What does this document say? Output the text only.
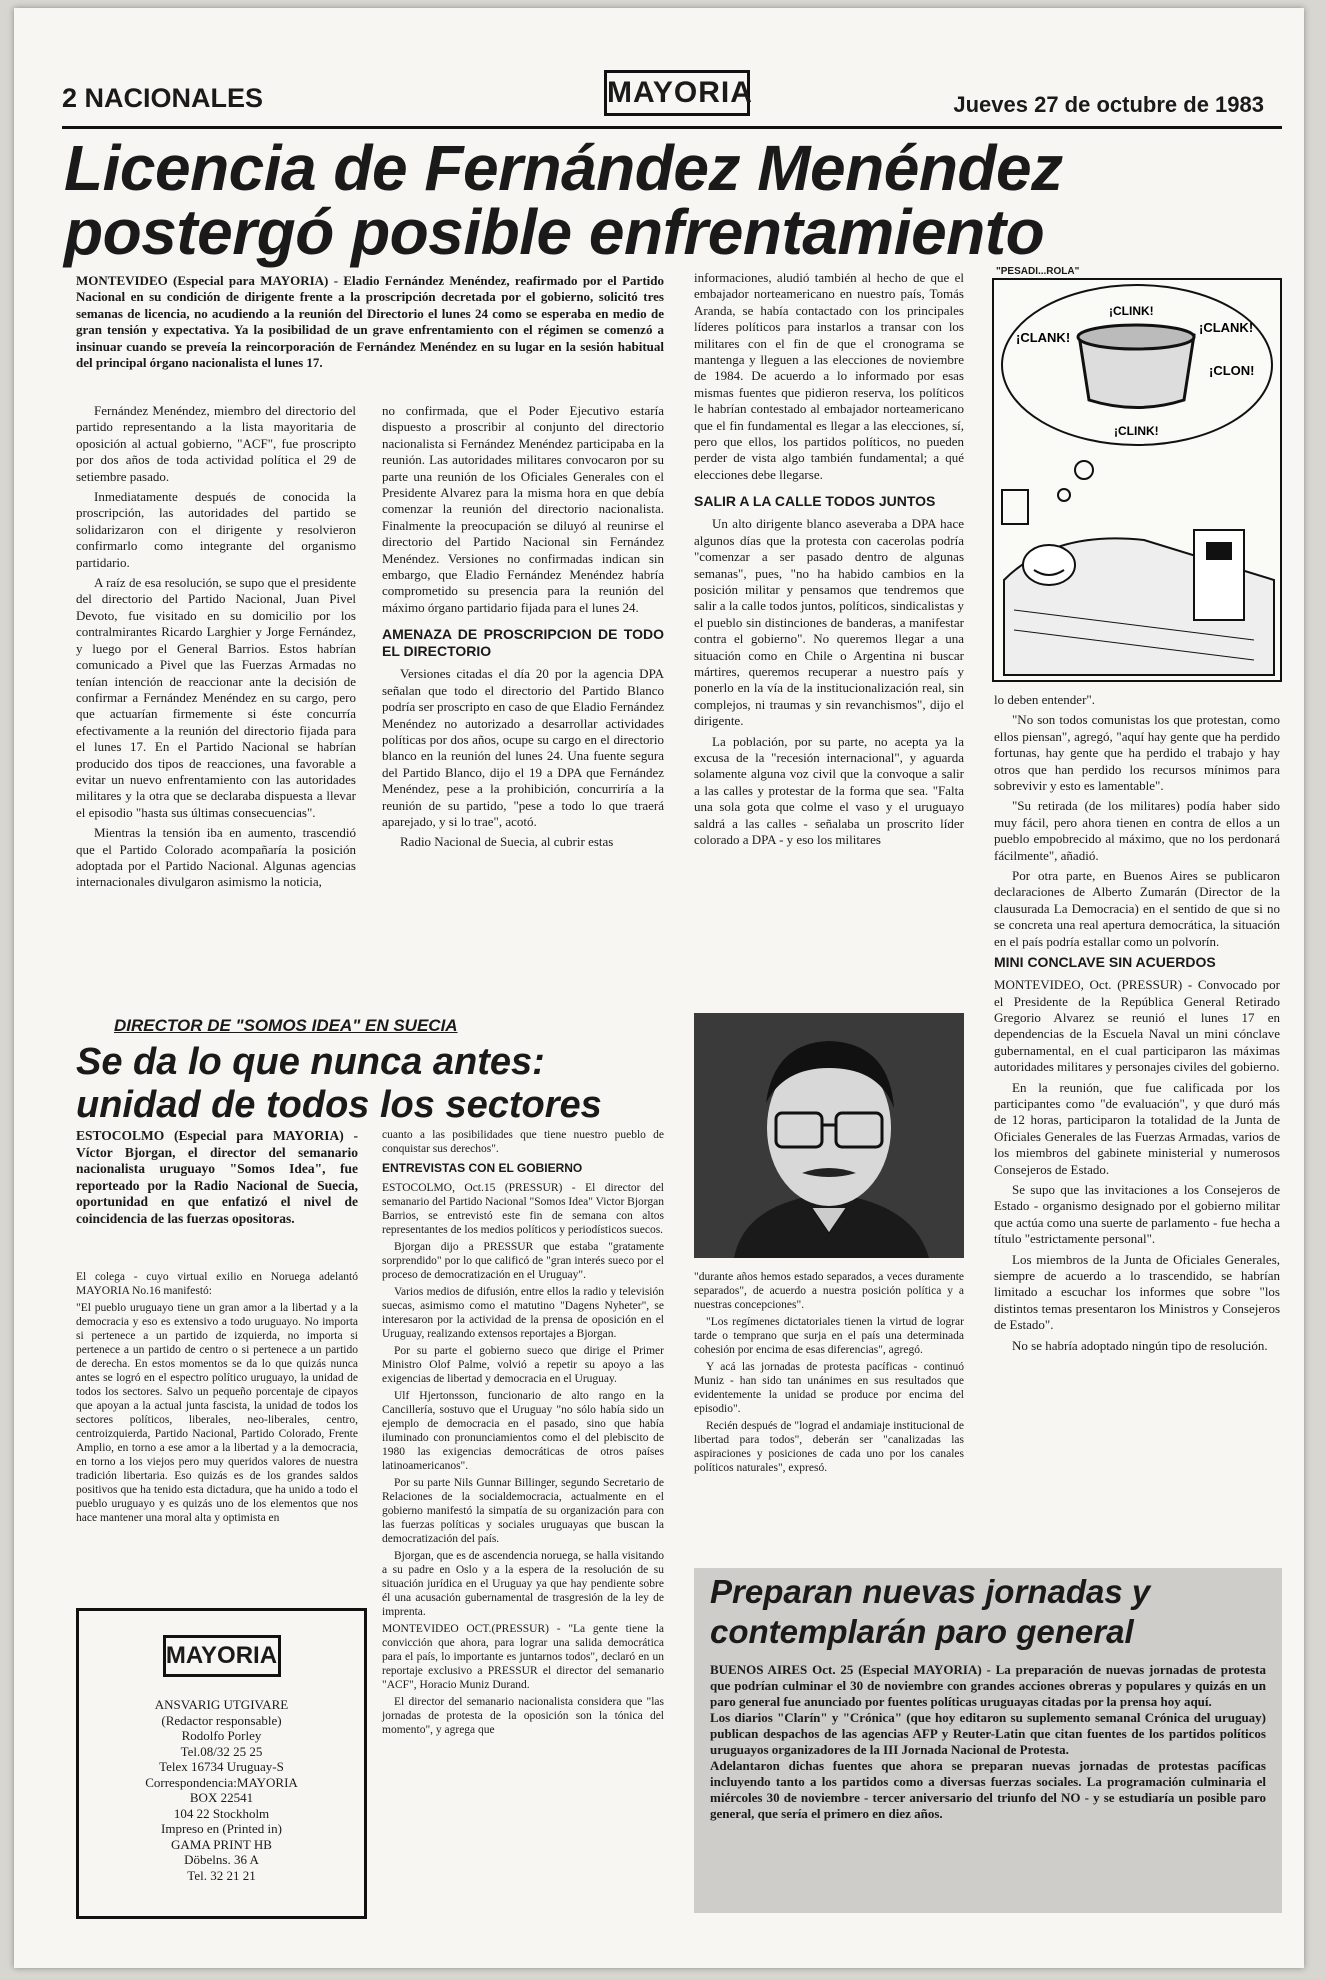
2 NACIONALES	MAYORIA	Jueves 27 de octubre de 1983
Licencia de Fernández Menéndez
postergó posible enfrentamiento

MONTEVIDEO (Especial para MAYORIA) - Eladio Fernández Menéndez, reafirmado por el Partido Nacional en su condición de dirigente frente a la proscripción decretada por el gobierno, solicitó tres semanas de licencia, no acudiendo a la reunión del Directorio el lunes 24 como se esperaba en medio de gran tensión y expectativa. Ya la posibilidad de un grave enfrentamiento con el régimen se comenzó a insinuar cuando se preveía la reincorporación de Fernández Menéndez en su lugar en la sesión habitual del principal órgano nacionalista el lunes 17.

Fernández Menéndez, miembro del directorio del partido representando a la lista mayoritaria de oposición al actual gobierno, "ACF", fue proscripto por dos años de toda actividad política el 29 de setiembre pasado.

Inmediatamente después de conocida la proscripción, las autoridades del partido se solidarizaron con el dirigente y resolvieron confirmarlo como integrante del organismo partidario.

A raíz de esa resolución, se supo que el presidente del directorio del Partido Nacional, Juan Pivel Devoto, fue visitado en su domicilio por los contralmirantes Ricardo Larghier y Jorge Fernández, y luego por el General Barrios. Estos habrían comunicado a Pivel que las Fuerzas Armadas no tenían intención de reaccionar ante la decisión de confirmar a Fernández Menéndez en su cargo, pero que actuarían firmemente si éste concurría efectivamente a la reunión del directorio fijada para el lunes 17. En el Partido Nacional se habrían producido dos tipos de reacciones, una favorable a evitar un nuevo enfrentamiento con las autoridades militares y la otra que se declaraba dispuesta a llevar el episodio "hasta sus últimas consecuencias".

Mientras la tensión iba en aumento, trascendió que el Partido Colorado acompañaría la posición adoptada por el Partido Nacional. Algunas agencias internacionales divulgaron asimismo la noticia,

no confirmada, que el Poder Ejecutivo estaría dispuesto a proscribir al conjunto del directorio nacionalista si Fernández Menéndez participaba en la reunión. Las autoridades militares convocaron por su parte una reunión de los Oficiales Generales con el Presidente Alvarez para la misma hora en que debía comenzar la reunión del directorio nacionalista. Finalmente la preocupación se diluyó al reunirse el directorio del Partido Nacional sin Fernández Menéndez. Versiones no confirmadas indican sin embargo, que Eladio Fernández Menéndez habría comprometido su presencia para la reunión del máximo órgano partidario fijada para el lunes 24.

AMENAZA DE PROSCRIPCION DE TODO EL DIRECTORIO

Versiones citadas el día 20 por la agencia DPA señalan que todo el directorio del Partido Blanco podría ser proscripto en caso de que Eladio Fernández Menéndez no autorizado a desarrollar actividades políticas por dos años, ocupe su cargo en el directorio blanco en la reunión del lunes 24. Una fuente segura del Partido Blanco, dijo el 19 a DPA que Fernández Menéndez, pese a la prohibición, concurriría a la reunión de su partido, "pese a todo lo que traerá aparejado, y si lo trae", acotó.

Radio Nacional de Suecia, al cubrir estas

informaciones, aludió también al hecho de que el embajador norteamericano en nuestro país, Tomás Aranda, se había contactado con los principales líderes políticos para instarlos a transar con los militares con el fin de que el cronograma se mantenga y lleguen a las elecciones de noviembre de 1984. De acuerdo a lo informado por esas mismas fuentes que pidieron reserva, los políticos le habrían contestado al embajador norteamericano que el fin fundamental es llegar a las elecciones, sí, pero que ellos, los partidos políticos, no pueden perder de vista algo también fundamental; a qué elecciones debe llegarse.

SALIR A LA CALLE TODOS JUNTOS

Un alto dirigente blanco aseveraba a DPA hace algunos días que la protesta con cacerolas podría "comenzar a ser pasado dentro de algunas semanas", pues, "no ha habido cambios en la posición militar y pensamos que tendremos que salir a la calle todos juntos, políticos, sindicalistas y el pueblo sin distinciones de banderas, a manifestar contra el gobierno". No queremos llegar a una situación como en Chile o Argentina ni buscar mártires, queremos recuperar a nuestro país y ponerlo en la vía de la institucionalización real, sin complejos, ni traumas y sin revanchismos", dijo el dirigente.

La población, por su parte, no acepta ya la excusa de la "recesión internacional", y aguarda solamente alguna voz civil que la convoque a salir a las calles y protestar de la forma que sea. "Falta una sola gota que colme el vaso y el uruguayo saldrá a las calles - señalaba un proscrito líder colorado a DPA - y eso los militares

"PESADI...ROLA"
¡CLANK!
¡CLANK!
¡CLON!
¡CLINK!
¡CLINK!

lo deben entender".

"No son todos comunistas los que protestan, como ellos piensan", agregó, "aquí hay gente que ha perdido fortunas, hay gente que ha perdido el trabajo y hay otros que han perdido los recursos mínimos para sobrevivir y esto es lamentable".

"Su retirada (de los militares) podía haber sido muy fácil, pero ahora tienen en contra de ellos a un pueblo empobrecido al máximo, que no los perdonará fácilmente", añadió.

Por otra parte, en Buenos Aires se publicaron declaraciones de Alberto Zumarán (Director de la clausurada La Democracia) en el sentido de que si no se concreta una real apertura democrática, la situación en el país podría estallar como un polvorín.

MINI CONCLAVE SIN ACUERDOS

MONTEVIDEO, Oct. (PRESSUR) - Convocado por el Presidente de la República General Retirado Gregorio Alvarez se reunió el lunes 17 en dependencias de la Escuela Naval un mini cónclave gubernamental, en el cual participaron las máximas autoridades militares y personajes civiles del gobierno.

En la reunión, que fue calificada por los participantes como "de evaluación", y que duró más de 12 horas, participaron la totalidad de la Junta de Oficiales Generales de las Fuerzas Armadas, varios de los miembros del gabinete ministerial y numerosos Consejeros de Estado.

Se supo que las invitaciones a los Consejeros de Estado - organismo designado por el gobierno militar que actúa como una suerte de parlamento - fue hecha a título "estrictamente personal".

Los miembros de la Junta de Oficiales Generales, siempre de acuerdo a lo trascendido, se habrían limitado a escuchar los informes que sobre "los distintos temas presentaron los Ministros y Consejeros de Estado".

No se habría adoptado ningún tipo de resolución.

DIRECTOR DE "SOMOS IDEA" EN SUECIA
Se da lo que nunca antes:
unidad de todos los sectores

ESTOCOLMO (Especial para MAYORIA) - Víctor Bjorgan, el director del semanario nacionalista uruguayo "Somos Idea", fue reporteado por la Radio Nacional de Suecia, oportunidad en que enfatizó el nivel de coincidencia de las fuerzas opositoras.

El colega - cuyo virtual exilio en Noruega adelantó MAYORIA No.16 manifestó:

"El pueblo uruguayo tiene un gran amor a la libertad y a la democracia y eso es extensivo a todo uruguayo. No importa si pertenece a un partido de izquierda, no importa si pertenece a un partido de centro o si pertenece a un partido de derecha. En estos momentos se da lo que quizás nunca antes se logró en el espectro político uruguayo, la unidad de todos los sectores. Salvo un pequeño porcentaje de cipayos que apoyan a la actual junta fascista, la unidad de todos los sectores políticos, liberales, neo-liberales, centro, centroizquierda, Partido Nacional, Partido Colorado, Frente Amplio, en torno a ese amor a la libertad y a la democracia, en torno a los viejos pero muy queridos valores de nuestra tradición libertaria. Eso quizás es de los grandes saldos positivos que ha tenido esta dictadura, que ha unido a todo el pueblo uruguayo y es quizás uno de los elementos que nos hace mantener una moral alta y optimista en

cuanto a las posibilidades que tiene nuestro pueblo de conquistar sus derechos".

ENTREVISTAS CON EL GOBIERNO

ESTOCOLMO, Oct.15 (PRESSUR) - El director del semanario del Partido Nacional "Somos Idea" Victor Bjorgan Barrios, se entrevistó este fin de semana con altos representantes de los medios políticos y periodísticos suecos.

Bjorgan dijo a PRESSUR que estaba "gratamente sorprendido" por lo que calificó de "gran interés sueco por el proceso de democratización en el Uruguay".

Varios medios de difusión, entre ellos la radio y televisión suecas, asimismo como el matutino "Dagens Nyheter", se interesaron por la actividad de la prensa de oposición en el Uruguay, realizando extensos reportajes a Bjorgan.

Por su parte el gobierno sueco que dirige el Primer Ministro Olof Palme, volvió a repetir su apoyo a las exigencias de libertad y democracia en el Uruguay.

Ulf Hjertonsson, funcionario de alto rango en la Cancillería, sostuvo que el Uruguay "no sólo había sido un ejemplo de democracia en el pasado, sino que había iluminado con pronunciamientos como el del plebiscito de 1980 las exigencias democráticas de otros países latinoamericanos".

Por su parte Nils Gunnar Billinger, segundo Secretario de Relaciones de la socialdemocracia, actualmente en el gobierno manifestó la simpatía de su organización para con las fuerzas políticas y sociales uruguayas que buscan la democratización del país.

Bjorgan, que es de ascendencia noruega, se halla visitando a su padre en Oslo y a la espera de la resolución de su situación jurídica en el Uruguay ya que hay pendiente sobre él una acusación gubernamental de trasgresión de la ley de imprenta.

MONTEVIDEO OCT.(PRESSUR) - "La gente tiene la convicción que ahora, para lograr una salida democrática para el país, lo importante es juntarnos todos", declaró en un reportaje exclusivo a PRESSUR el director del semanario "ACF", Horacio Muniz Durand.

El director del semanario nacionalista considera que "las jornadas de protesta de la oposición son la tónica del momento", y agrega que

"durante años hemos estado separados, a veces duramente separados", de acuerdo a nuestra posición política y a nuestras concepciones".

"Los regímenes dictatoriales tienen la virtud de lograr tarde o temprano que surja en el país una determinada cohesión por encima de esas diferencias", agregó.

Y acá las jornadas de protesta pacíficas - continuó Muniz - han sido tan unánimes en sus resultados que evidentemente la unidad se produce por encima del episodio".

Recién después de "lograd el andamiaje institucional de libertad para todos", deberán ser "canalizadas las aspiraciones y posiciones de cada uno por los canales políticos naturales", expresó.

MAYORIA
ANSVARIG UTGIVARE
(Redactor responsable)
Rodolfo Porley
Tel.08/32 25 25
Telex 16734 Uruguay-S
Correspondencia:MAYORIA
BOX 22541
104 22 Stockholm
Impreso en (Printed in)
GAMA PRINT HB
Döbelns. 36 A
Tel. 32 21 21
Preparan nuevas jornadas y
contemplarán paro general

BUENOS AIRES Oct. 25 (Especial MAYORIA) - La preparación de nuevas jornadas de protesta que podrían culminar el 30 de noviembre con grandes acciones obreras y populares y quizás en un paro general fue anunciado por fuentes políticas uruguayas citadas por la prensa hoy aquí.

Los diarios "Clarín" y "Crónica" (que hoy editaron su suplemento semanal Crónica del uruguay) publican despachos de las agencias AFP y Reuter-Latin que citan fuentes de los partidos políticos uruguayos organizadores de la III Jornada Nacional de Protesta.

Adelantaron dichas fuentes que ahora se preparan nuevas jornadas de protestas pacíficas incluyendo tanto a los partidos como a diversas fuerzas sociales. La programación culminaria el miércoles 30 de noviembre - tercer aniversario del triunfo del NO - y se estudiaría un posible paro general, que sería el primero en diez años.
